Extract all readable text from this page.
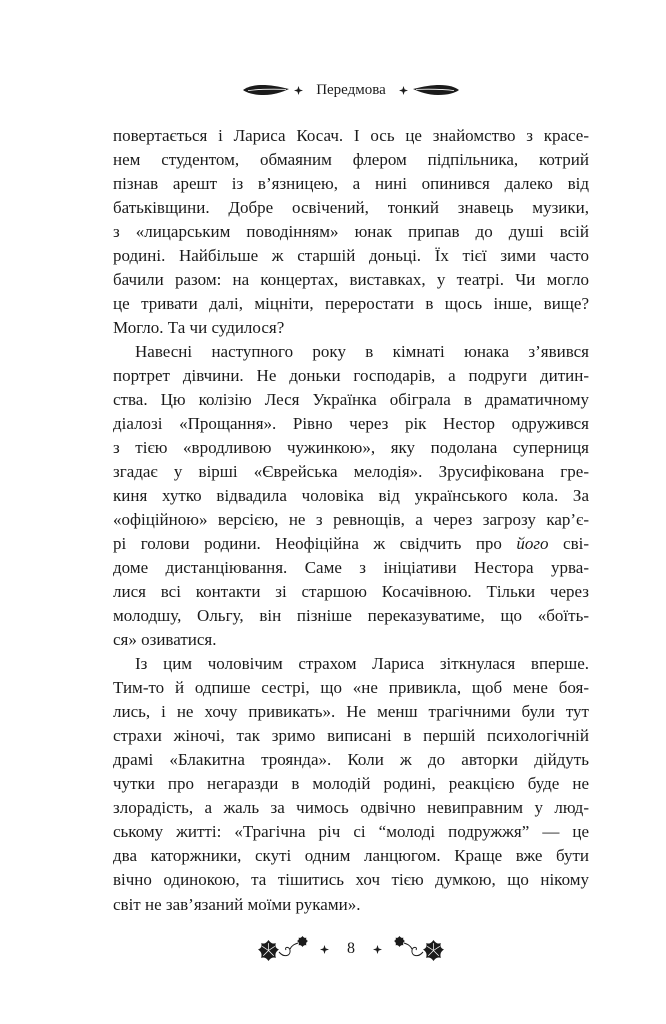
Передмова
повертається і Лариса Косач. І ось це знайомство з красе-
нем студентом, обмаяним флером підпільника, котрий
пізнав арешт із в’язницею, а нині опинився далеко від
батьківщини. Добре освічений, тонкий знавець музики,
з «лицарським поводінням» юнак припав до душі всій
родині. Найбільше ж старшій доньці. Їх тієї зими часто
бачили разом: на концертах, виставках, у театрі. Чи могло
це тривати далі, міцніти, переростати в щось інше, вище?
Могло. Та чи судилося?
Навесні наступного року в кімнаті юнака з’явився
портрет дівчини. Не доньки господарів, а подруги дитин-
ства. Цю колізію Леся Українка обіграла в драматичному
діалозі «Прощання». Рівно через рік Нестор одружився
з тією «вродливою чужинкою», яку подолана суперниця
згадає у вірші «Єврейська мелодія». Зрусифікована гре-
киня хутко відвадила чоловіка від українського кола. За
«офіційною» версією, не з ревнощів, а через загрозу кар’є-
рі голови родини. Неофіційна ж свідчить про його сві-
доме дистанціювання. Саме з ініціативи Нестора урва-
лися всі контакти зі старшою Косачівною. Тільки через
молодшу, Ольгу, він пізніше переказуватиме, що «боїть-
ся» озиватися.
Із цим чоловічим страхом Лариса зіткнулася вперше.
Тим-то й одпише сестрі, що «не привикла, щоб мене боя-
лись, і не хочу привикать». Не менш трагічними були тут
страхи жіночі, так зримо виписані в першій психологічній
драмі «Блакитна троянда». Коли ж до авторки дійдуть
чутки про негаразди в молодій родині, реакцією буде не
злорадість, а жаль за чимось одвічно невиправним у люд-
ському житті: «Трагічна річ сі “молоді подружжя” — це
два каторжники, скуті одним ланцюгом. Краще вже бути
вічно одинокою, та тішитись хоч тією думкою, що нікому
світ не зав’язаний моїми руками».
8
